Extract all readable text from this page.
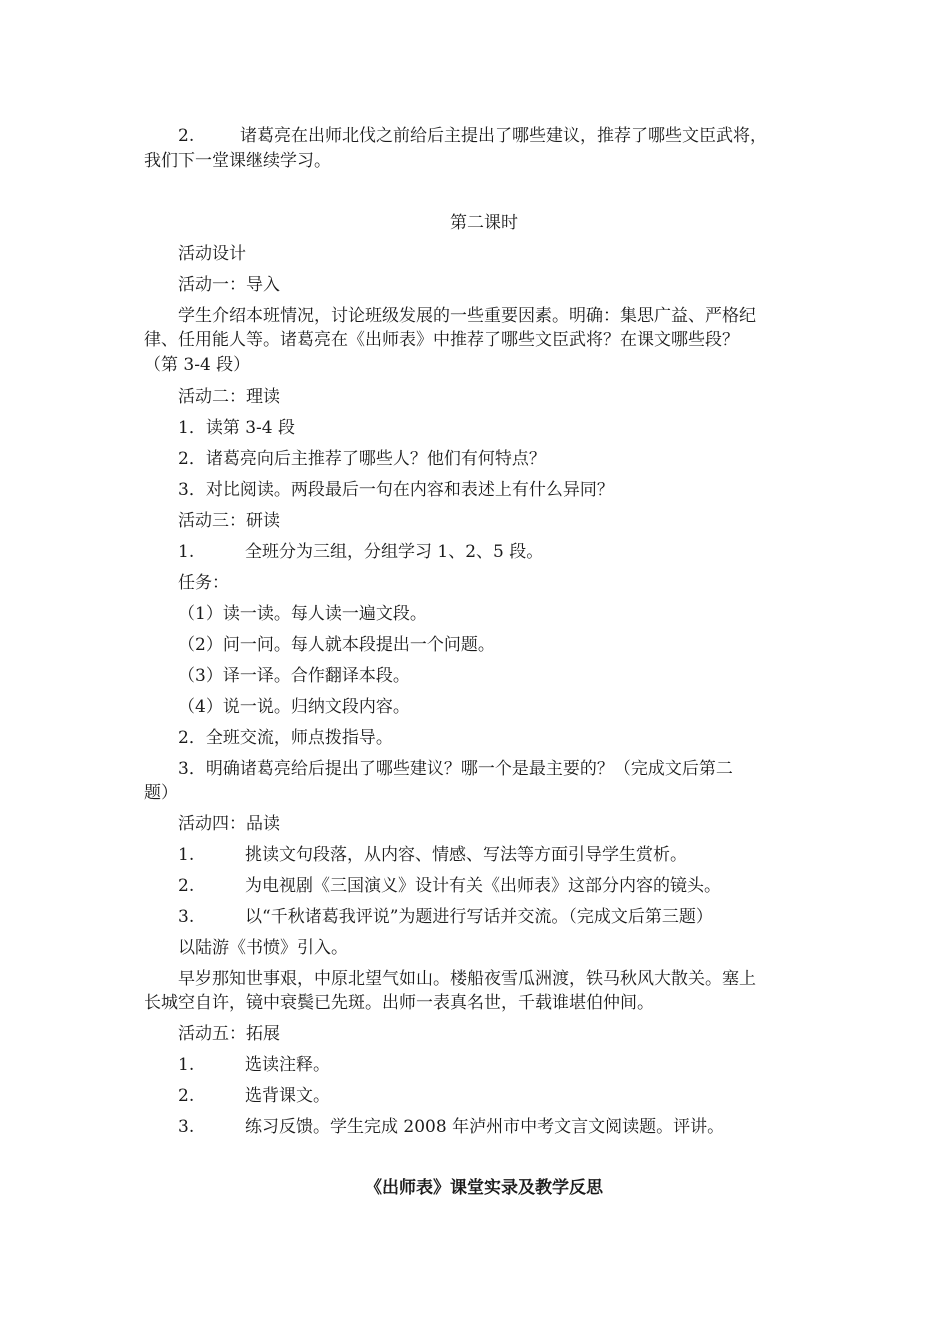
2.	诸葛亮在出师北伐之前给后主提出了哪些建议，推荐了哪些文臣武将，
我们下一堂课继续学习。
第二课时
活动设计
活动一：导入
学生介绍本班情况，讨论班级发展的一些重要因素。明确：集思广益、严格纪
律、任用能人等。诸葛亮在《出师表》中推荐了哪些文臣武将？在课文哪些段？
（第 3-4 段）
活动二：理读
1．读第 3-4 段
2．诸葛亮向后主推荐了哪些人？他们有何特点？
3．对比阅读。两段最后一句在内容和表述上有什么异同？
活动三：研读
1.	全班分为三组，分组学习 1、2、5 段。
任务：
（1）读一读。每人读一遍文段。
（2）问一问。每人就本段提出一个问题。
（3）译一译。合作翻译本段。
（4）说一说。归纳文段内容。
2．全班交流，师点拨指导。
3．明确诸葛亮给后提出了哪些建议？哪一个是最主要的？（完成文后第二
题）
活动四：品读
1.	挑读文句段落，从内容、情感、写法等方面引导学生赏析。
2.	为电视剧《三国演义》设计有关《出师表》这部分内容的镜头。
3.	以“千秋诸葛我评说”为题进行写话并交流。（完成文后第三题）
以陆游《书愤》引入。
早岁那知世事艰，中原北望气如山。楼船夜雪瓜洲渡，铁马秋风大散关。塞上
长城空自许，镜中衰鬓已先斑。出师一表真名世，千载谁堪伯仲间。
活动五：拓展
1.	选读注释。
2.	选背课文。
3.	练习反馈。学生完成 2008 年泸州市中考文言文阅读题。评讲。
《出师表》课堂实录及教学反思
